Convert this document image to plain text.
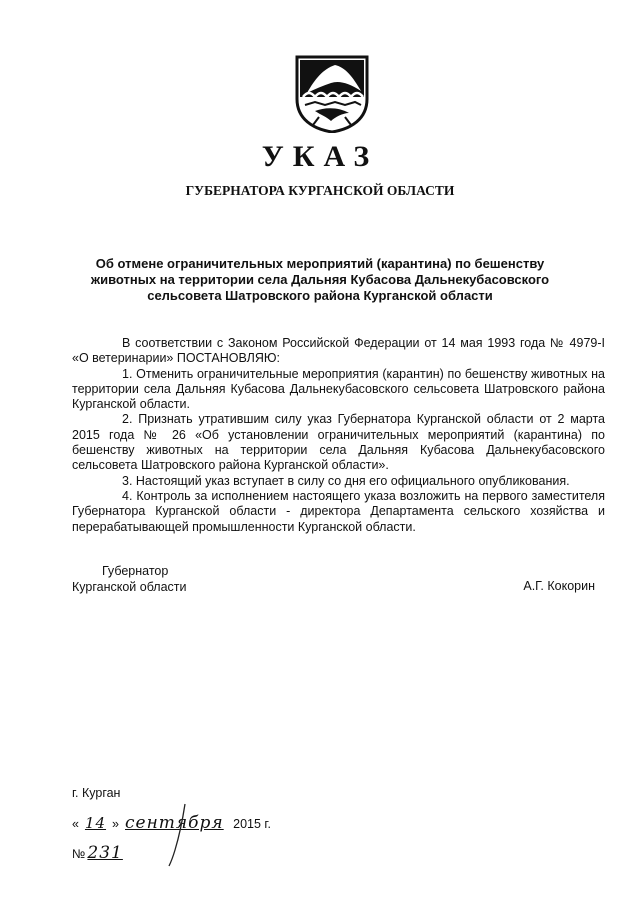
УКАЗ
ГУБЕРНАТОРА КУРГАНСКОЙ ОБЛАСТИ
Об отмене ограничительных мероприятий (карантина) по бешенству
животных на территории села Дальняя Кубасова Дальнекубасовского
сельсовета Шатровского района Курганской области

В соответствии с Законом Российской Федерации от 14 мая 1993 года № 4979-I «О ветеринарии» ПОСТАНОВЛЯЮ:

1. Отменить ограничительные мероприятия (карантин) по бешенству животных на территории села Дальняя Кубасова Дальнекубасовского сельсовета Шатровского района Курганской области.

2. Признать утратившим силу указ Губернатора Курганской области от 2 марта 2015 года № 26 «Об установлении ограничительных мероприятий (карантина) по бешенству животных на территории села Дальняя Кубасова Дальнекубасовского сельсовета Шатровского района Курганской области».

3. Настоящий указ вступает в силу со дня его официального опубликования.

4. Контроль за исполнением настоящего указа возложить на первого заместителя Губернатора Курганской области - директора Департамента сельского хозяйства и перерабатывающей промышленности Курганской области.

Губернатор
Курганской области	А.Г. Кокорин
г. Курган
« 14 » сентября 2015 г.
№ 231
